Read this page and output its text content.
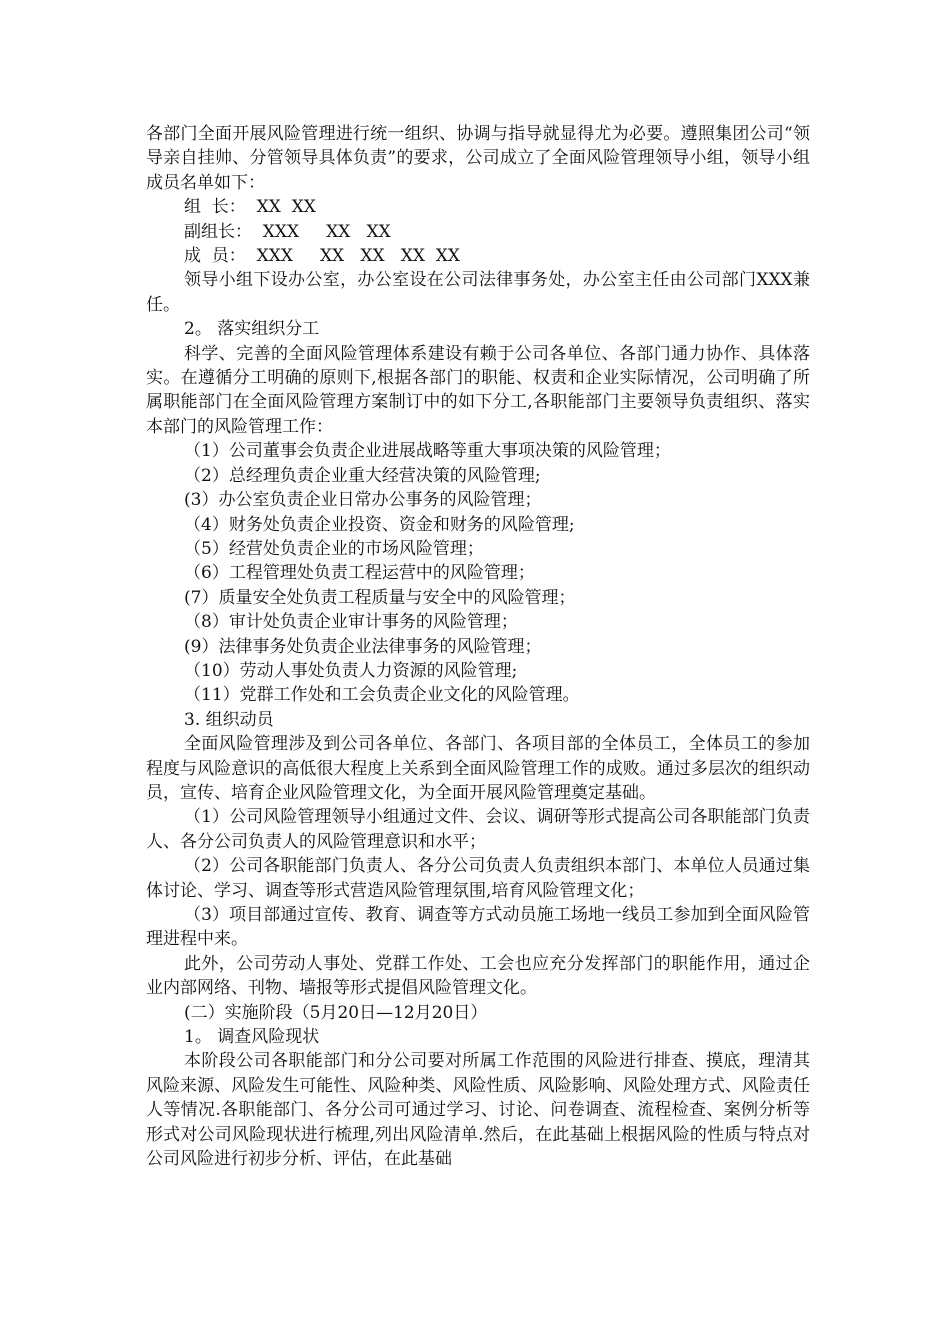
各部门全面开展风险管理进行统一组织、协调与指导就显得尤为必要。遵照集团公司“领导亲自挂帅、分管领导具体负责”的要求，公司成立了全面风险管理领导小组，领导小组成员名单如下：

组  长：  XX  XX

副组长：  XXX     XX   XX

成  员：  XXX     XX   XX   XX  XX

领导小组下设办公室，办公室设在公司法律事务处，办公室主任由公司部门XXX兼任。

2。 落实组织分工

科学、完善的全面风险管理体系建设有赖于公司各单位、各部门通力协作、具体落实。在遵循分工明确的原则下,根据各部门的职能、权责和企业实际情况，公司明确了所属职能部门在全面风险管理方案制订中的如下分工,各职能部门主要领导负责组织、落实本部门的风险管理工作：

（1）公司董事会负责企业进展战略等重大事项决策的风险管理；

（2）总经理负责企业重大经营决策的风险管理;

(3）办公室负责企业日常办公事务的风险管理；

（4）财务处负责企业投资、资金和财务的风险管理;

（5）经营处负责企业的市场风险管理；

（6）工程管理处负责工程运营中的风险管理；

(7）质量安全处负责工程质量与安全中的风险管理；

（8）审计处负责企业审计事务的风险管理；

(9）法律事务处负责企业法律事务的风险管理；

（10）劳动人事处负责人力资源的风险管理;

（11）党群工作处和工会负责企业文化的风险管理。

3. 组织动员

全面风险管理涉及到公司各单位、各部门、各项目部的全体员工，全体员工的参加程度与风险意识的高低很大程度上关系到全面风险管理工作的成败。通过多层次的组织动员，宣传、培育企业风险管理文化，为全面开展风险管理奠定基础。

（1）公司风险管理领导小组通过文件、会议、调研等形式提高公司各职能部门负责人、各分公司负责人的风险管理意识和水平；

（2）公司各职能部门负责人、各分公司负责人负责组织本部门、本单位人员通过集体讨论、学习、调查等形式营造风险管理氛围,培育风险管理文化；

（3）项目部通过宣传、教育、调查等方式动员施工场地一线员工参加到全面风险管理进程中来。

此外，公司劳动人事处、党群工作处、工会也应充分发挥部门的职能作用，通过企业内部网络、刊物、墙报等形式提倡风险管理文化。

(二）实施阶段（5月20日—12月20日）

1。 调查风险现状

本阶段公司各职能部门和分公司要对所属工作范围的风险进行排查、摸底，理清其风险来源、风险发生可能性、风险种类、风险性质、风险影响、风险处理方式、风险责任人等情况.各职能部门、各分公司可通过学习、讨论、问卷调查、流程检查、案例分析等形式对公司风险现状进行梳理,列出风险清单.然后，在此基础上根据风险的性质与特点对公司风险进行初步分析、评估，在此基础
